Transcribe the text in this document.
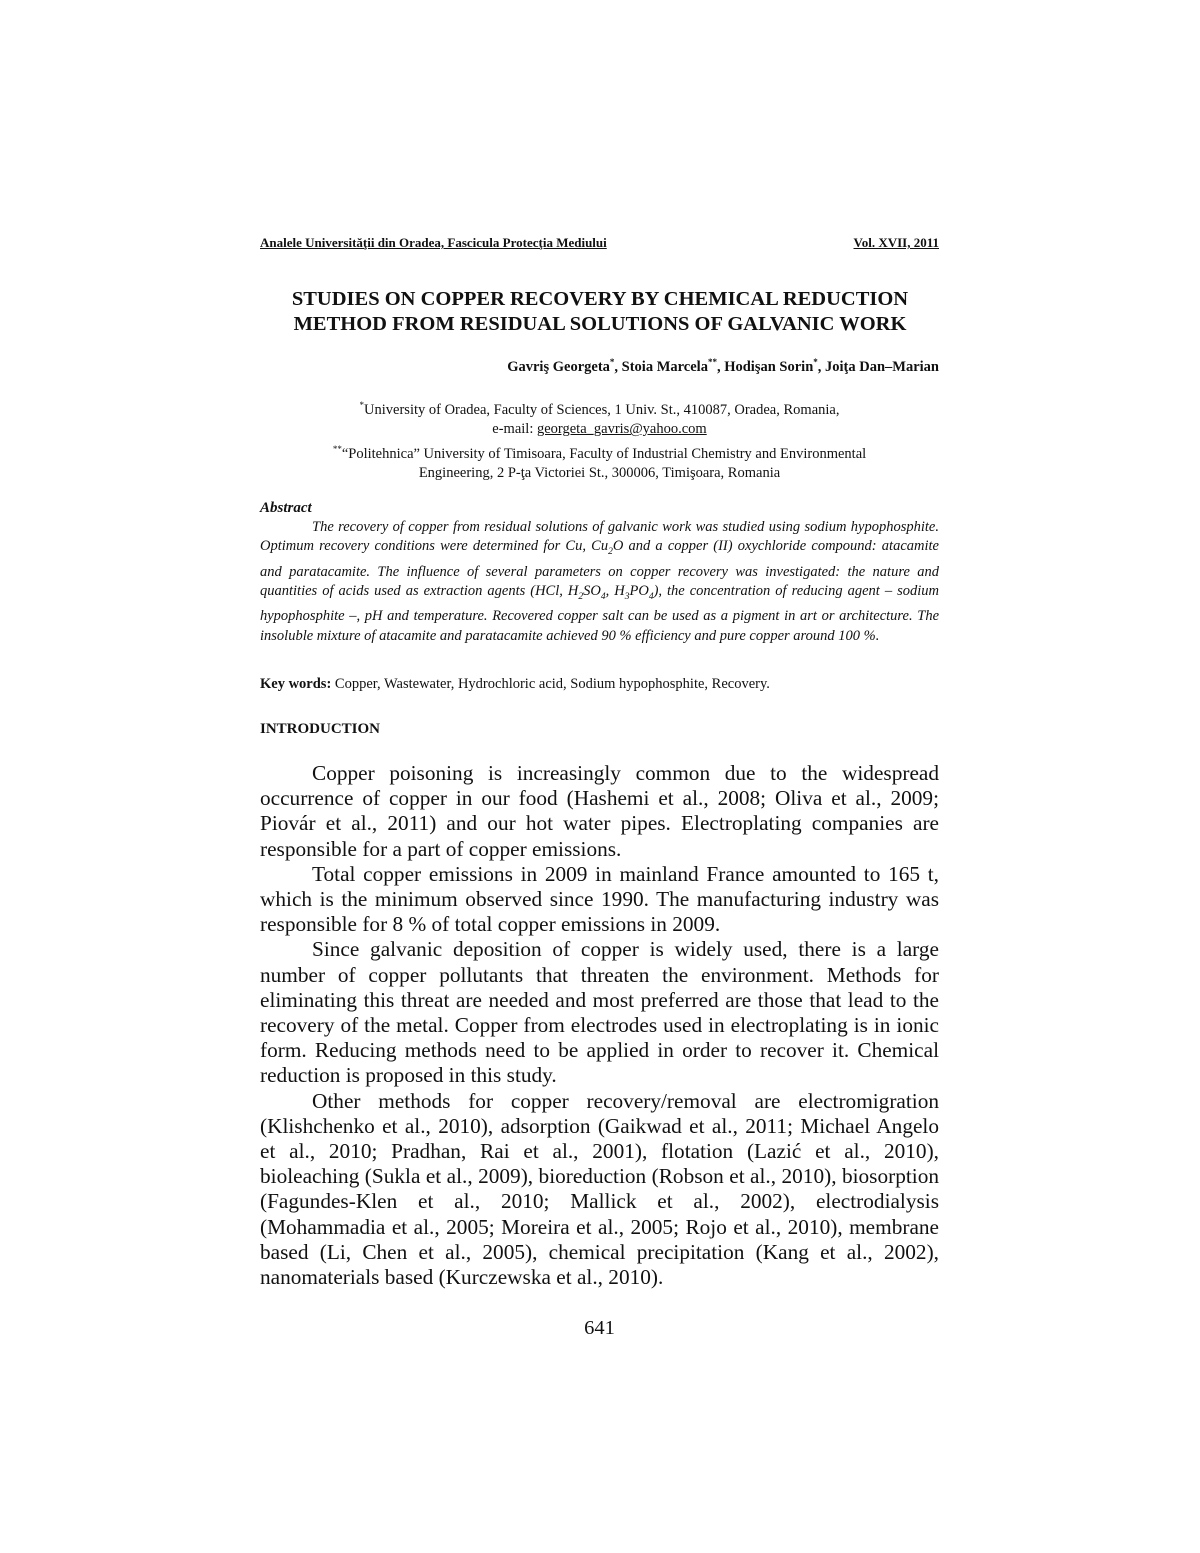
Analele Universităţii din Oradea, Fascicula Protecţia Mediului	Vol. XVII, 2011
STUDIES ON COPPER RECOVERY BY CHEMICAL REDUCTION
METHOD FROM RESIDUAL SOLUTIONS OF GALVANIC WORK
Gavriş Georgeta*, Stoia Marcela**, Hodişan Sorin*, Joiţa Dan–Marian
*University of Oradea, Faculty of Sciences, 1 Univ. St., 410087, Oradea, Romania,
e-mail: georgeta_gavris@yahoo.com
**“Politehnica” University of Timisoara, Faculty of Industrial Chemistry and Environmental
Engineering, 2 P-ţa Victoriei St., 300006, Timişoara, Romania
Abstract
The recovery of copper from residual solutions of galvanic work was studied using sodium hypophosphite. Optimum recovery conditions were determined for Cu, $Cu_2O$ and a copper (II) oxychloride compound: atacamite and paratacamite. The influence of several parameters on copper recovery was investigated: the nature and quantities of acids used as extraction agents (HCl, $H_2SO_4$, $H_3PO_4$), the concentration of reducing agent – sodium hypophosphite –, pH and temperature. Recovered copper salt can be used as a pigment in art or architecture. The insoluble mixture of atacamite and paratacamite achieved 90 % efficiency and pure copper around 100 %.
Key words: Copper, Wastewater, Hydrochloric acid, Sodium hypophosphite, Recovery.
INTRODUCTION

Copper poisoning is increasingly common due to the widespread occurrence of copper in our food (Hashemi et al., 2008; Oliva et al., 2009; Piovár et al., 2011) and our hot water pipes. Electroplating companies are responsible for a part of copper emissions.

Total copper emissions in 2009 in mainland France amounted to 165 t, which is the minimum observed since 1990. The manufacturing industry was responsible for 8 % of total copper emissions in 2009.

Since galvanic deposition of copper is widely used, there is a large number of copper pollutants that threaten the environment. Methods for eliminating this threat are needed and most preferred are those that lead to the recovery of the metal. Copper from electrodes used in electroplating is in ionic form. Reducing methods need to be applied in order to recover it. Chemical reduction is proposed in this study.

Other methods for copper recovery/removal are electromigration (Klishchenko et al., 2010), adsorption (Gaikwad et al., 2011; Michael Angelo et al., 2010; Pradhan, Rai et al., 2001), flotation (Lazić et al., 2010), bioleaching (Sukla et al., 2009), bioreduction (Robson et al., 2010), biosorption (Fagundes-Klen et al., 2010; Mallick et al., 2002), electrodialysis (Mohammadia et al., 2005; Moreira et al., 2005; Rojo et al., 2010), membrane based (Li, Chen et al., 2005), chemical precipitation (Kang et al., 2002), nanomaterials based (Kurczewska et al., 2010).

641
